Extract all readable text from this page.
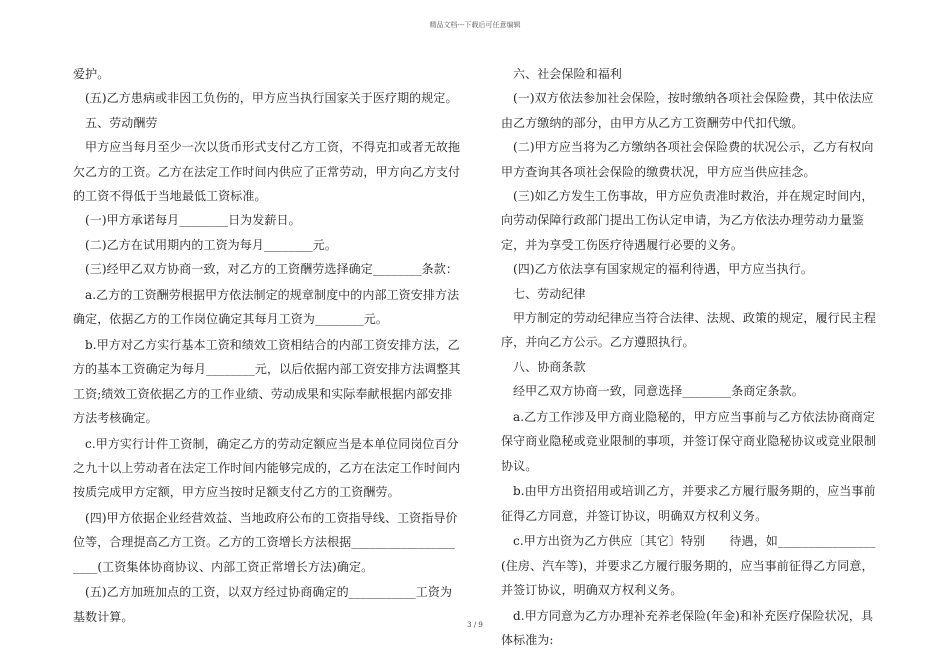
精品文档---下载后可任意编辑

爱护。

(五)乙方患病或非因工负伤的，甲方应当执行国家关于医疗期的规定。

五、劳动酬劳

甲方应当每月至少一次以货币形式支付乙方工资，不得克扣或者无故拖欠乙方的工资。乙方在法定工作时间内供应了正常劳动，甲方向乙方支付的工资不得低于当地最低工资标准。

(一)甲方承诺每月________日为发薪日。

(二)乙方在试用期内的工资为每月________元。

(三)经甲乙双方协商一致，对乙方的工资酬劳选择确定________条款：

a.乙方的工资酬劳根据甲方依法制定的规章制度中的内部工资安排方法确定，依据乙方的工作岗位确定其每月工资为________元。

b.甲方对乙方实行基本工资和绩效工资相结合的内部工资安排方法，乙方的基本工资确定为每月________元，以后依据内部工资安排方法调整其工资;绩效工资依据乙方的工作业绩、劳动成果和实际奉献根据内部安排方法考核确定。

c.甲方实行计件工资制，确定乙方的劳动定额应当是本单位同岗位百分之九十以上劳动者在法定工作时间内能够完成的，乙方在法定工作时间内按质完成甲方定额，甲方应当按时足额支付乙方的工资酬劳。

(四)甲方依据企业经营效益、当地政府公布的工资指导线、工资指导价位等，合理提高乙方工资。乙方的工资增长方法根据_____________________(工资集体协商协议、内部工资正常增长方法)确定。

(五)乙方加班加点的工资，以双方经过协商确定的___________工资为基数计算。

六、社会保险和福利

(一)双方依法参加社会保险，按时缴纳各项社会保险费，其中依法应由乙方缴纳的部分，由甲方从乙方工资酬劳中代扣代缴。

(二)甲方应当将为乙方缴纳各项社会保险费的状况公示，乙方有权向甲方查询其各项社会保险的缴费状况，甲方应当供应挂念。

(三)如乙方发生工伤事故，甲方应负责准时救治，并在规定时间内，向劳动保障行政部门提出工伤认定申请，为乙方依法办理劳动力量鉴定，并为享受工伤医疗待遇履行必要的义务。

(四)乙方依法享有国家规定的福利待遇，甲方应当执行。

七、劳动纪律

甲方制定的劳动纪律应当符合法律、法规、政策的规定，履行民主程序，并向乙方公示。乙方遵照执行。

八、协商条款

经甲乙双方协商一致，同意选择________条商定条款。

a.乙方工作涉及甲方商业隐秘的，甲方应当事前与乙方依法协商商定保守商业隐秘或竞业限制的事项，并签订保守商业隐秘协议或竞业限制协议。

b.由甲方出资招用或培训乙方，并要求乙方履行服务期的，应当事前征得乙方同意，并签订协议，明确双方权利义务。

c.甲方出资为乙方供应〔其它〕特别　　待遇，如________________(住房、汽车等)，并要求乙方履行服务期的，应当事前征得乙方同意，并签订协议，明确双方权利义务。

d.甲方同意为乙方办理补充养老保险(年金)和补充医疗保险状况，具体标准为:

3 / 9
